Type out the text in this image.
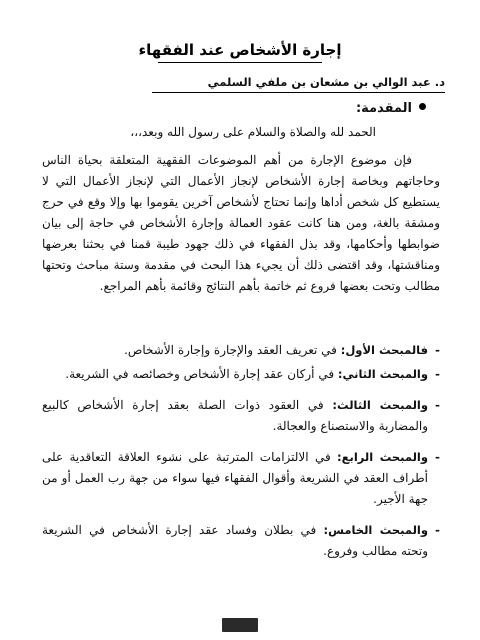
إجارة الأشخاص عند الفقهاء
د. عبد الوالي بن مشعان بن ملفي السلمي
المقدمة:

الحمد لله والصلاة والسلام على رسول الله وبعد،،،

فإن موضوع الإجارة من أهم الموضوعات الفقهية المتعلقة بحياة الناس وحاجاتهم وبخاصة إجارة الأشخاص لإنجاز الأعمال التي لإنجاز الأعمال التي لا يستطيع كل شخص أداها وإنما تحتاج لأشخاص آخرين يقوموا بها وإلا وقع في حرج ومشقة بالغة، ومن هنا كانت عقود العمالة وإجارة الأشخاص في حاجة إلى بيان ضوابطها وأحكامها، وقد بذل الفقهاء في ذلك جهود طيبة قمنا في بحثنا بعرضها ومناقشتها، وقد اقتضى ذلك أن يجيء هذا البحث في مقدمة وستة مباحث وتحتها مطالب وتحت بعضها فروع ثم خاتمة بأهم النتائج وقائمة بأهم المراجع.

-
فالمبحث الأول: في تعريف العقد والإجارة وإجارة الأشخاص.
-
والمبحث الثاني: في أركان عقد إجارة الأشخاص وخصائصه في الشريعة.
-
والمبحث الثالث: في العقود ذوات الصلة بعقد إجارة الأشخاص كالبيع والمضاربة والاستصناع والعجالة.
-
والمبحث الرابع: في الالتزامات المترتبة على نشوء العلاقة التعاقدية على أطراف العقد في الشريعة وأقوال الفقهاء فيها سواء من جهة رب العمل أو من جهة الأجير.
-
والمبحث الخامس: في بطلان وفساد عقد إجارة الأشخاص في الشريعة وتحته مطالب وفروع.
